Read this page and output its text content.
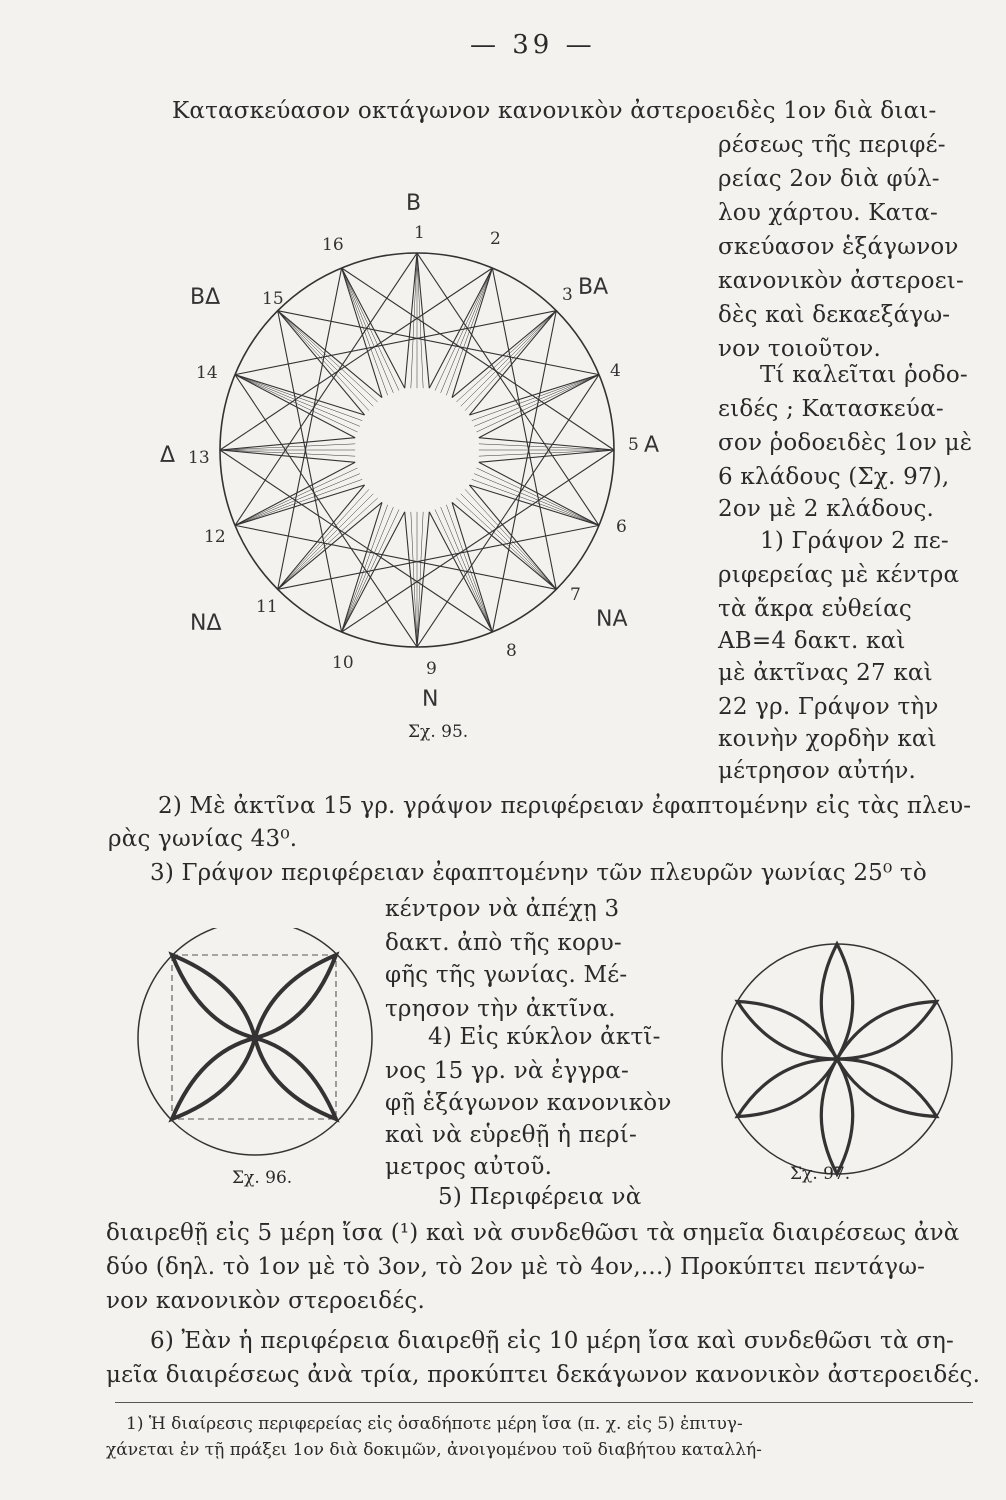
— 39 —
Κατασκεύασον οκτάγωνον κανονικὸν ἀστεροειδὲς 1ον διὰ διαι-
ρέσεως τῆς περιφέ-
ρείας 2ον διὰ φύλ-
λου χάρτου. Κατα-
σκεύασον ἑξάγωνον
κανονικὸν ἀστεροει-
δὲς καὶ δεκαεξάγω-
νον τοιοῦτον.
Τί καλεῖται ῥοδο-
ειδές ; Κατασκεύα-
σον ῥοδοειδὲς 1ον μὲ
6 κλάδους (Σχ. 97),
2ον μὲ 2 κλάδους.
1) Γράψον 2 πε-
ριφερείας μὲ κέντρα
τὰ ἄκρα εὐθείας
ΑΒ=4 δακτ. καὶ
μὲ ἀκτῖνας 27 καὶ
22 γρ. Γράψον τὴν
κοινὴν χορδὴν καὶ
μέτρησον αὐτήν.
1	2
3
4
5
6
7
8
9
10
11
12
13
14
15
16
Β
ΒΑ
Α
ΝΑ
Ν
ΝΔ
Δ
ΒΔ
Σχ. 95.
2) Μὲ ἀκτῖνα 15 γρ. γράψον περιφέρειαν ἐφαπτομένην εἰς τὰς πλευ-
ρὰς γωνίας 43⁰.
3) Γράψον περιφέρειαν ἐφαπτομένην τῶν πλευρῶν γωνίας 25⁰ τὸ
κέντρον νὰ ἀπέχῃ 3
δακτ. ἀπὸ τῆς κορυ-
φῆς τῆς γωνίας. Μέ-
τρησον τὴν ἀκτῖνα.
4) Εἰς κύκλον ἀκτῖ-
νος 15 γρ. νὰ ἐγγρα-
φῇ ἑξάγωνον κανονικὸν
καὶ νὰ εὑρεθῇ ἡ περί-
μετρος αὐτοῦ.
5) Περιφέρεια νὰ
Σχ. 96.	Σχ. 97.
διαιρεθῇ εἰς 5 μέρη ἴσα (¹) καὶ νὰ συνδεθῶσι τὰ σημεῖα διαιρέσεως ἀνὰ
δύο (δηλ. τὸ 1ον μὲ τὸ 3ον, τὸ 2ον μὲ τὸ 4ον,...) Προκύπτει πεντάγω-
νον κανονικὸν στεροειδές.
6) Ἐὰν ἡ περιφέρεια διαιρεθῇ εἰς 10 μέρη ἴσα καὶ συνδεθῶσι τὰ ση-
μεῖα διαιρέσεως ἀνὰ τρία, προκύπτει δεκάγωνον κανονικὸν ἀστεροειδές.
1) Ἡ διαίρεσις περιφερείας εἰς ὁσαδήποτε μέρη ἴσα (π. χ. εἰς 5) ἐπιτυγ-
χάνεται ἐν τῇ πράξει 1ον διὰ δοκιμῶν, ἀνοιγομένου τοῦ διαβήτου καταλλή-
